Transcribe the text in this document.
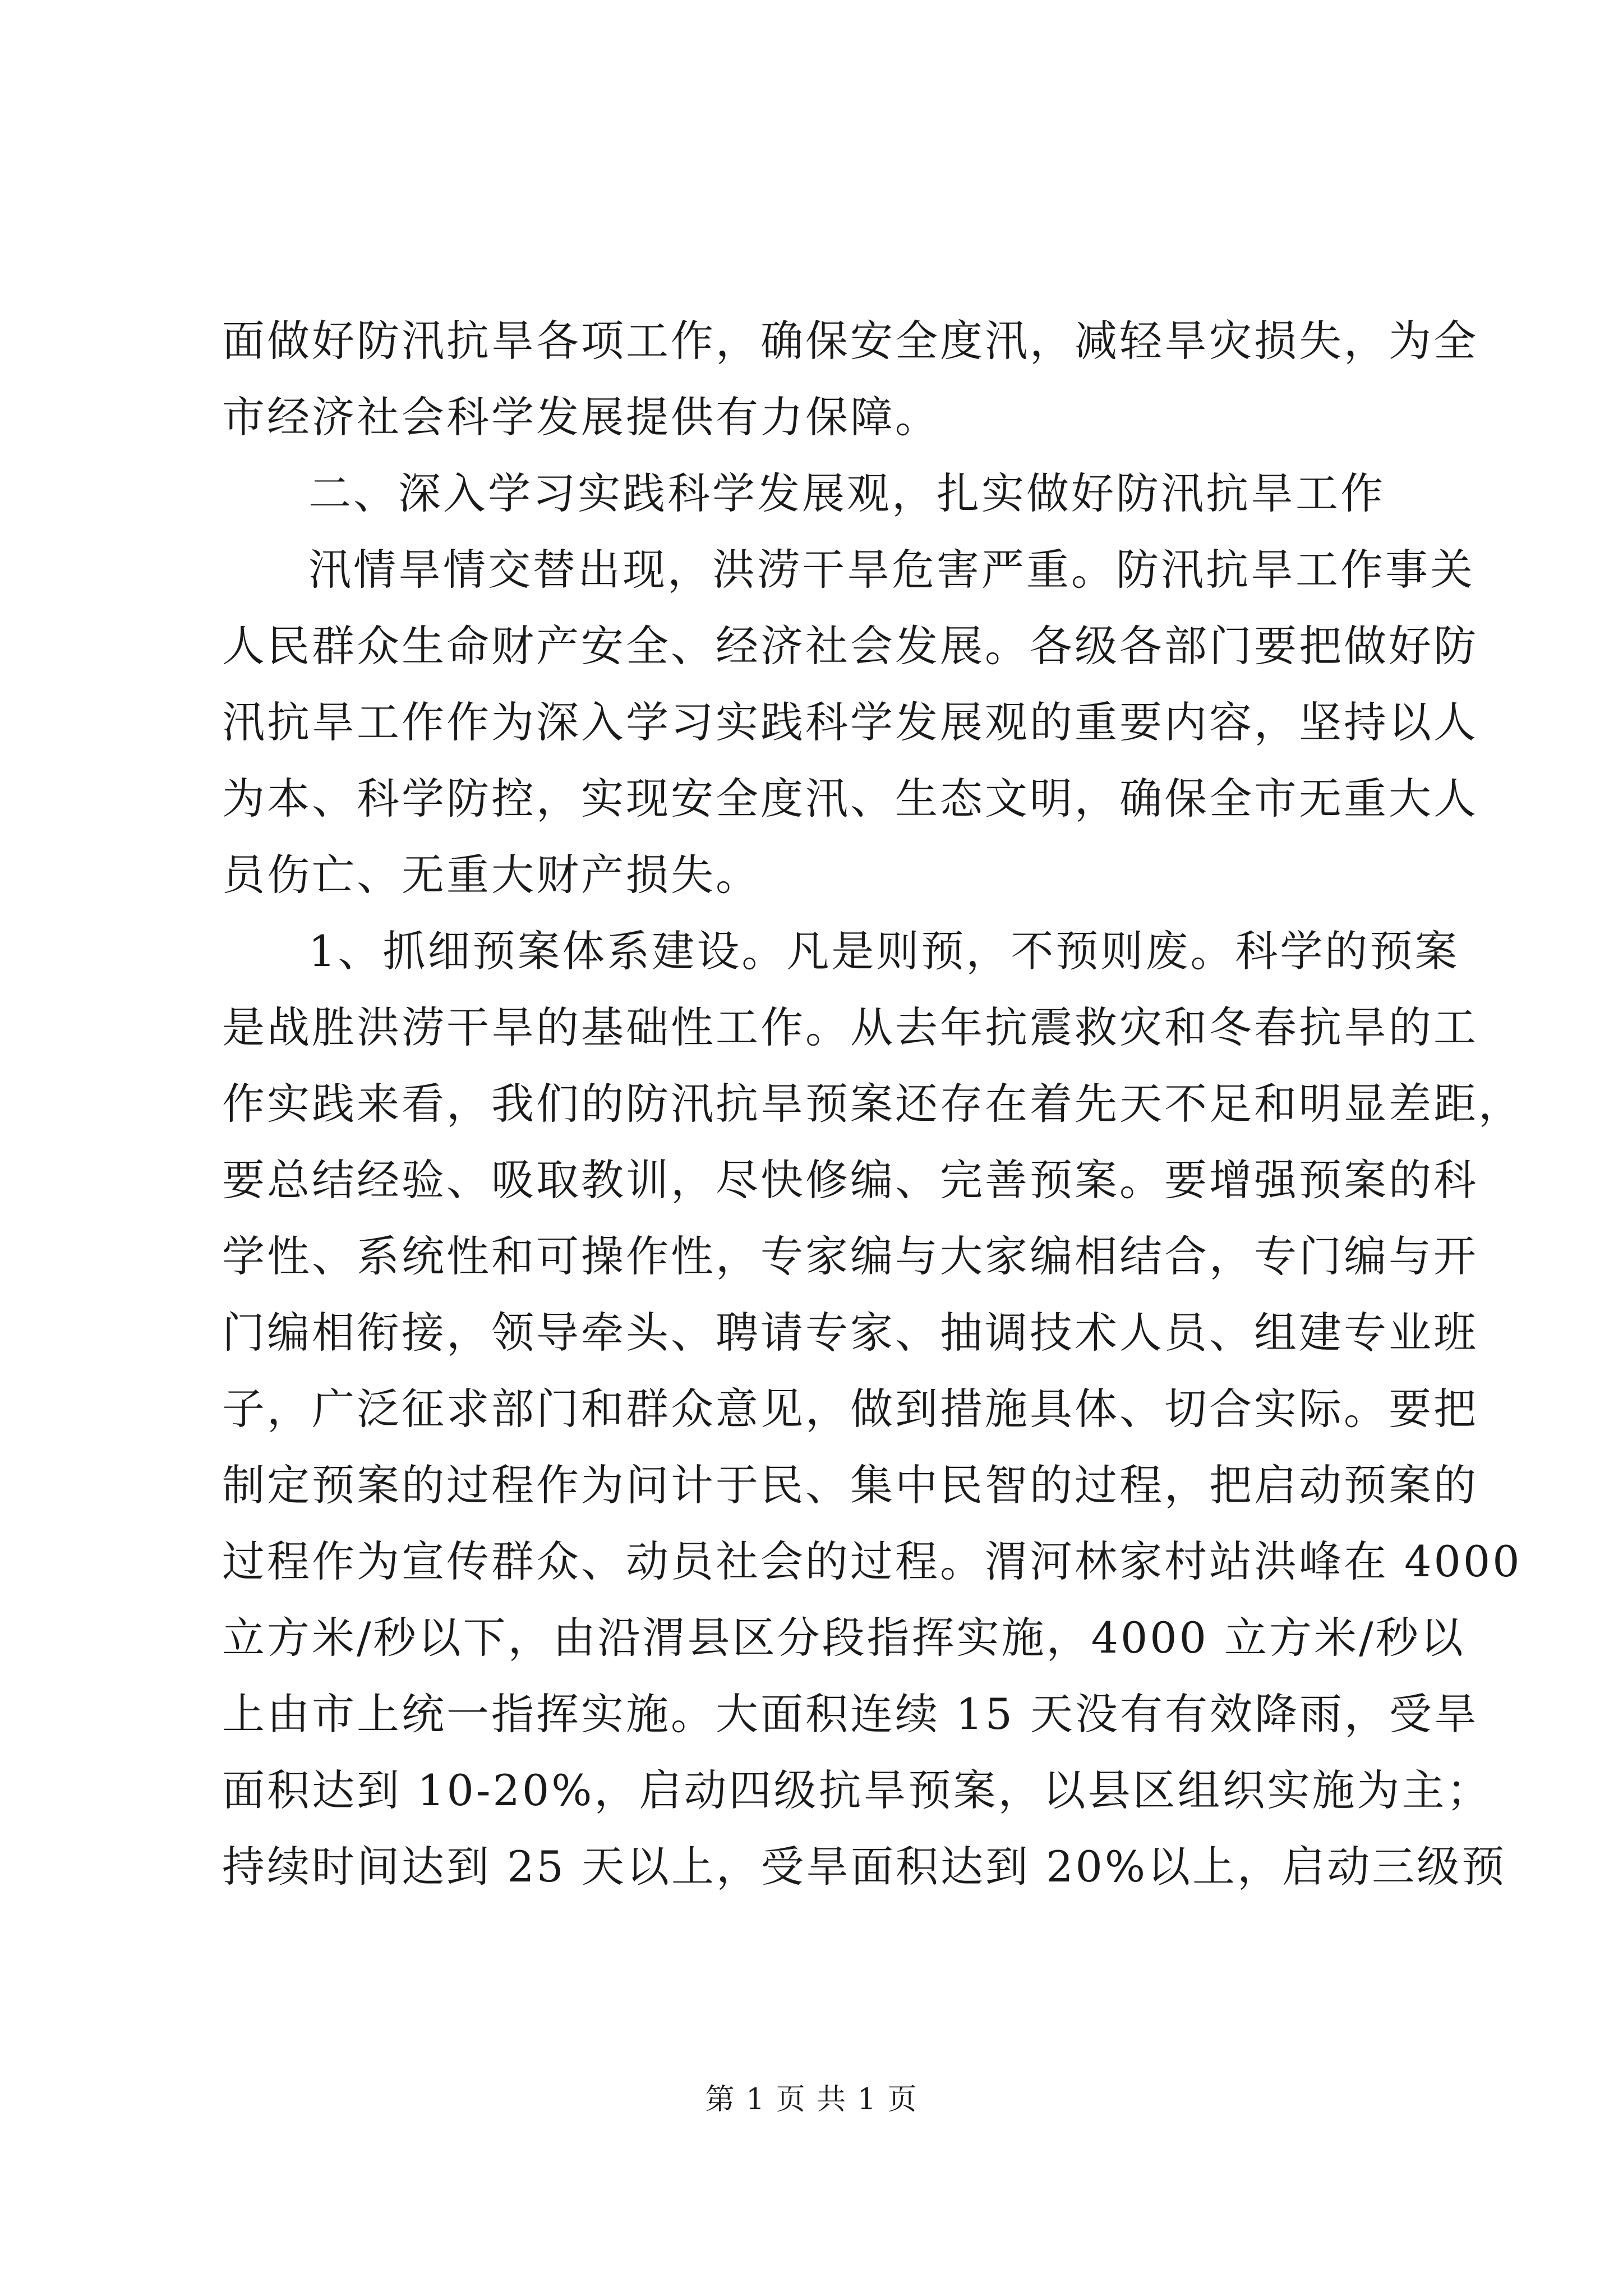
面做好防汛抗旱各项工作，确保安全度汛，减轻旱灾损失，为全
市经济社会科学发展提供有力保障。
二、深入学习实践科学发展观，扎实做好防汛抗旱工作
汛情旱情交替出现，洪涝干旱危害严重。防汛抗旱工作事关
人民群众生命财产安全、经济社会发展。各级各部门要把做好防
汛抗旱工作作为深入学习实践科学发展观的重要内容，坚持以人
为本、科学防控，实现安全度汛、生态文明，确保全市无重大人
员伤亡、无重大财产损失。
1、抓细预案体系建设。凡是则预，不预则废。科学的预案
是战胜洪涝干旱的基础性工作。从去年抗震救灾和冬春抗旱的工
作实践来看，我们的防汛抗旱预案还存在着先天不足和明显差距，
要总结经验、吸取教训，尽快修编、完善预案。要增强预案的科
学性、系统性和可操作性，专家编与大家编相结合，专门编与开
门编相衔接，领导牵头、聘请专家、抽调技术人员、组建专业班
子，广泛征求部门和群众意见，做到措施具体、切合实际。要把
制定预案的过程作为问计于民、集中民智的过程，把启动预案的
过程作为宣传群众、动员社会的过程。渭河林家村站洪峰在 4000
立方米/秒以下，由沿渭县区分段指挥实施，4000 立方米/秒以
上由市上统一指挥实施。大面积连续 15 天没有有效降雨，受旱
面积达到 10-20%，启动四级抗旱预案，以县区组织实施为主；
持续时间达到 25 天以上，受旱面积达到 20%以上，启动三级预
第 1 页 共 1 页
